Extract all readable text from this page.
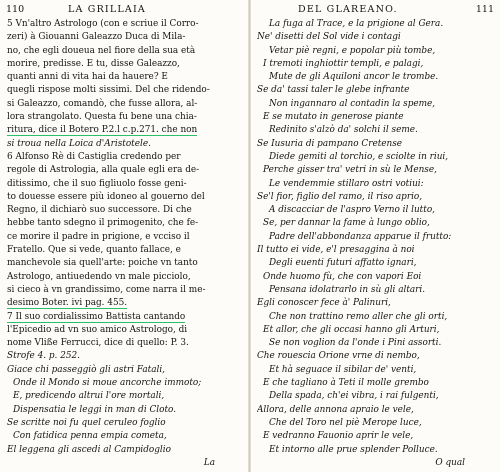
110	LA GRILLAIA
5 Vn'altro Astrologo (con e scriue il Corro-
zeri) à Giouanni Galeazzo Duca di Mila-
no, che egli doueua nel fiore della sua età
morire, predisse. E tu, disse Galeazzo,
quanti anni di vita hai da hauere? E
quegli rispose molti sissimi. Del che ridendo-
si Galeazzo, comandò, che fusse allora, al-
lora strangolato. Questa fu bene una chia-
ritura, dice il Botero P.2.l c.p.271. che non
si troua nella Loica d'Aristotele.
6 Alfonso Rè di Castiglia credendo per
regole di Astrologia, alla quale egli era de-
ditissimo, che il suo figliuolo fosse geni-
to douesse essere più idoneo al gouerno del
Regno, il dichiarò suo successore. Di che
hebbe tanto sdegno il primogenito, che fe-
ce morire il padre in prigione, e vcciso il
Fratello. Que si vede, quanto fallace, e
manchevole sia quell'arte: poiche vn tanto
Astrologo, antiuedendo vn male picciolo,
si cieco à vn grandissimo, come narra il me-
desimo Boter. ivi pag. 455.
7 Il suo cordialissimo Battista cantando
l'Epicedio ad vn suo amico Astrologo, di
nome Vliße Ferrucci, dice di quello: P. 3.
Strofe 4. p. 252.
Giace chi passeggiò gli astri Fatali,
Onde il Mondo si moue ancorche immoto;
E, predicendo altrui l'ore mortali,
Dispensatia le leggi in man di Cloto.
Se scritte noi fu quel ceruleo foglio
Con fatidica penna empia cometa,
El leggena gli ascedi al Campidoglio
La
DEL GLAREANO.	111
La fuga al Trace, e la prigione al Gera.
Ne' disetti del Sol vide i contagi
Vetar piè regni, e popolar più tombe,
I tremoti inghiottir templi, e palagi,
Mute de gli Aquiloni ancor le trombe.
Se da' tassi taler le glebe infrante
Non ingannaro al contadin la speme,
E se mutato in generose piante
Redinito s'alzò da' solchi il seme.
Se Iusuria di pampano Cretense
Diede gemiti al torchio, e sciolte in riui,
Perche gisser tra' vetri in sù le Mense,
Le vendemmie stillaro ostri votiui:
Se'l fior, figlio del ramo, il riso aprio,
A discacciar de l'aspro Verno il lutto,
Se, per dannar la fame à lungo oblio,
Padre dell'abbondanza apparue il frutto:
Il tutto ei vide, e'l presaggina à noi
Degli euenti futuri affatto ignari,
Onde huomo fù, che con vapori Eoi
Pensana idolatrarlo in sù gli altari.
Egli conoscer fece à' Palinuri,
Che non trattino remo aller che gli orti,
Et allor, che gli occasi hanno gli Arturi,
Se non voglion da l'onde i Pini assorti.
Che rouescia Orione vrne di nembo,
Et hà seguace il sibilar de' venti,
E che tagliano à Teti il molle grembo
Della spada, ch'ei vibra, i rai fulgenti,
Allora, delle annona apraio le vele,
Che del Toro nel piè Merope luce,
E vedranno Fauonio aprir le vele,
Et intorno alle prue splender Polluce.
O qual
